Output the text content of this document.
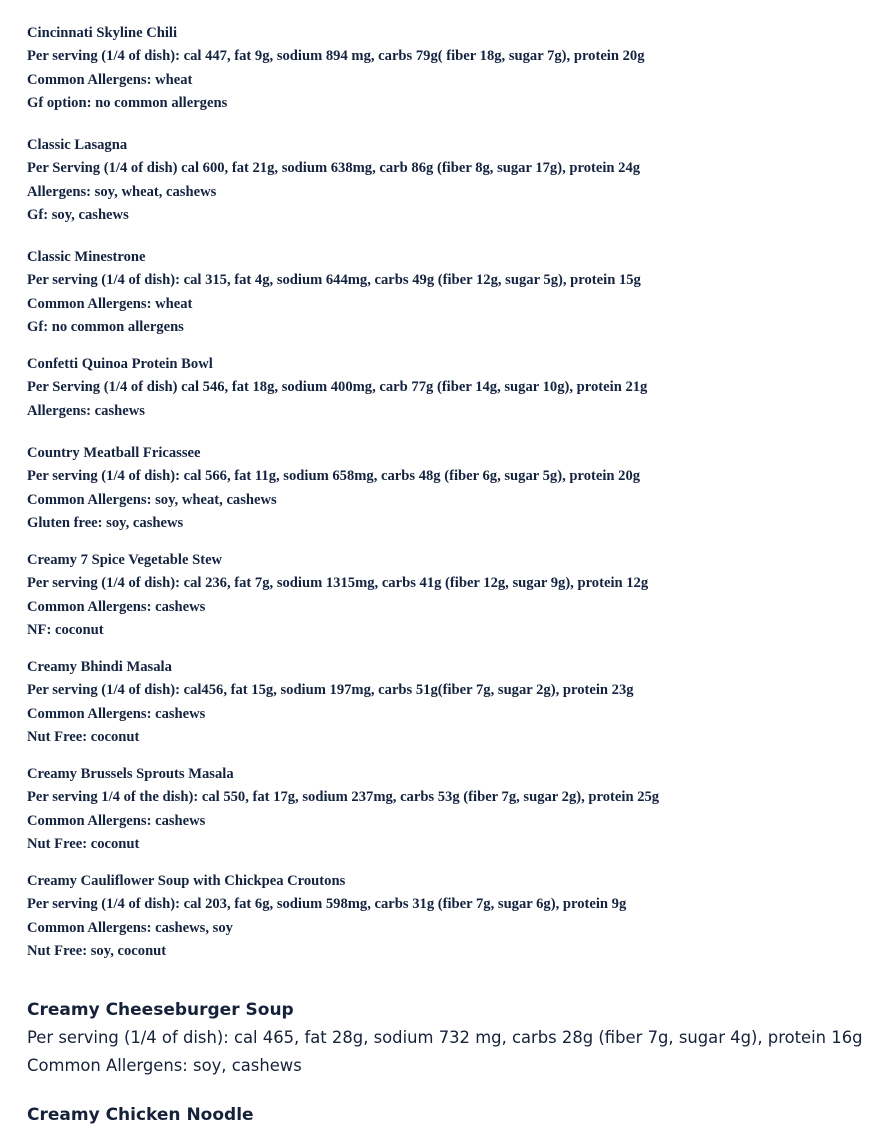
Cincinnati Skyline Chili
Per serving (1/4 of dish): cal 447, fat 9g, sodium 894 mg, carbs 79g( fiber 18g, sugar 7g), protein 20g
Common Allergens: wheat
Gf option: no common allergens
Classic Lasagna
Per Serving (1/4 of dish) cal 600, fat 21g, sodium 638mg, carb 86g (fiber 8g, sugar 17g), protein 24g
Allergens: soy, wheat, cashews
Gf: soy, cashews
Classic Minestrone
Per serving (1/4 of dish): cal 315, fat 4g, sodium 644mg, carbs 49g (fiber 12g, sugar 5g), protein 15g
Common Allergens: wheat
Gf: no common allergens
Confetti Quinoa Protein Bowl
Per Serving (1/4 of dish) cal 546, fat 18g, sodium 400mg, carb 77g (fiber 14g, sugar 10g), protein 21g
Allergens: cashews
Country Meatball Fricassee
Per serving (1/4 of dish): cal 566, fat 11g, sodium 658mg, carbs 48g (fiber 6g, sugar 5g), protein 20g
Common Allergens: soy, wheat, cashews
Gluten free: soy, cashews
Creamy 7 Spice Vegetable Stew
Per serving (1/4 of dish): cal 236, fat 7g, sodium 1315mg, carbs 41g (fiber 12g, sugar 9g), protein 12g
Common Allergens: cashews
NF: coconut
Creamy Bhindi Masala
Per serving (1/4 of dish): cal456, fat 15g, sodium 197mg, carbs 51g(fiber 7g, sugar 2g), protein 23g
Common Allergens: cashews
Nut Free: coconut
Creamy Brussels Sprouts Masala
Per serving 1/4 of the dish): cal 550, fat 17g, sodium 237mg, carbs 53g (fiber 7g, sugar 2g), protein 25g
Common Allergens: cashews
Nut Free: coconut
Creamy Cauliflower Soup with Chickpea Croutons
Per serving (1/4 of dish): cal 203, fat 6g, sodium 598mg, carbs 31g (fiber 7g, sugar 6g), protein 9g
Common Allergens: cashews, soy
Nut Free: soy, coconut
Creamy Cheeseburger Soup
Per serving (1/4 of dish): cal 465, fat 28g, sodium 732 mg, carbs 28g (fiber 7g, sugar 4g), protein 16g
Common Allergens: soy, cashews
Creamy Chicken Noodle
